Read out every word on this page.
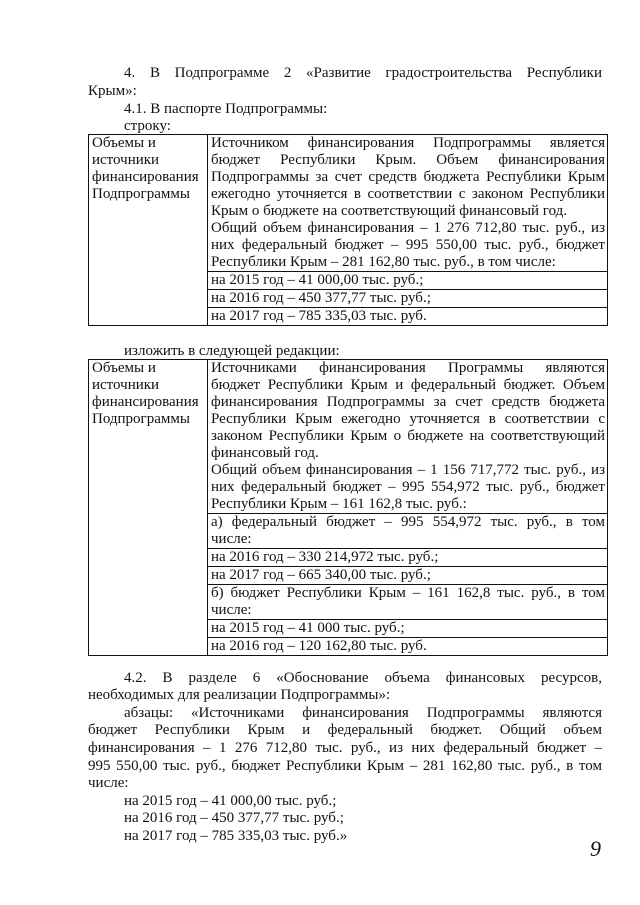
4. В Подпрограмме 2 «Развитие градостроительства Республики
Крым»:
4.1. В паспорте Подпрограммы:
строку:
Объемы и
источники
финансирования
Подпрограммы

Источником финансирования Подпрограммы является
бюджет Республики Крым. Объем финансирования
Подпрограммы за счет средств бюджета Республики Крым
ежегодно уточняется в соответствии с законом Республики
Крым о бюджете на соответствующий финансовый год.
Общий объем финансирования – 1 276 712,80 тыс. руб., из
них федеральный бюджет – 995 550,00 тыс. руб., бюджет
Республики Крым – 281 162,80 тыс. руб., в том числе:

на 2015 год – 41 000,00 тыс. руб.;

на 2016 год – 450 377,77 тыс. руб.;

на 2017 год – 785 335,03 тыс. руб.
изложить в следующей редакции:
Объемы и
источники
финансирования
Подпрограммы

Источниками финансирования Программы являются
бюджет Республики Крым и федеральный бюджет. Объем
финансирования Подпрограммы за счет средств бюджета
Республики Крым ежегодно уточняется в соответствии с
законом Республики Крым о бюджете на соответствующий
финансовый год.
Общий объем финансирования – 1 156 717,772 тыс. руб., из
них федеральный бюджет – 995 554,972 тыс. руб., бюджет
Республики Крым – 161 162,8 тыс. руб.:

а) федеральный бюджет – 995 554,972 тыс. руб., в том
числе:

на 2016 год – 330 214,972 тыс. руб.;

на 2017 год – 665 340,00 тыс. руб.;

б) бюджет Республики Крым – 161 162,8 тыс. руб., в том
числе:

на 2015 год – 41 000 тыс. руб.;

на 2016 год – 120 162,80 тыс. руб.
4.2. В разделе 6 «Обоснование объема финансовых ресурсов,
необходимых для реализации Подпрограммы»:
абзацы: «Источниками финансирования Подпрограммы являются
бюджет Республики Крым и федеральный бюджет. Общий объем
финансирования – 1 276 712,80 тыс. руб., из них федеральный бюджет –
995 550,00 тыс. руб., бюджет Республики Крым – 281 162,80 тыс. руб., в том
числе:
на 2015 год – 41 000,00 тыс. руб.;
на 2016 год – 450 377,77 тыс. руб.;
на 2017 год – 785 335,03 тыс. руб.»	9
